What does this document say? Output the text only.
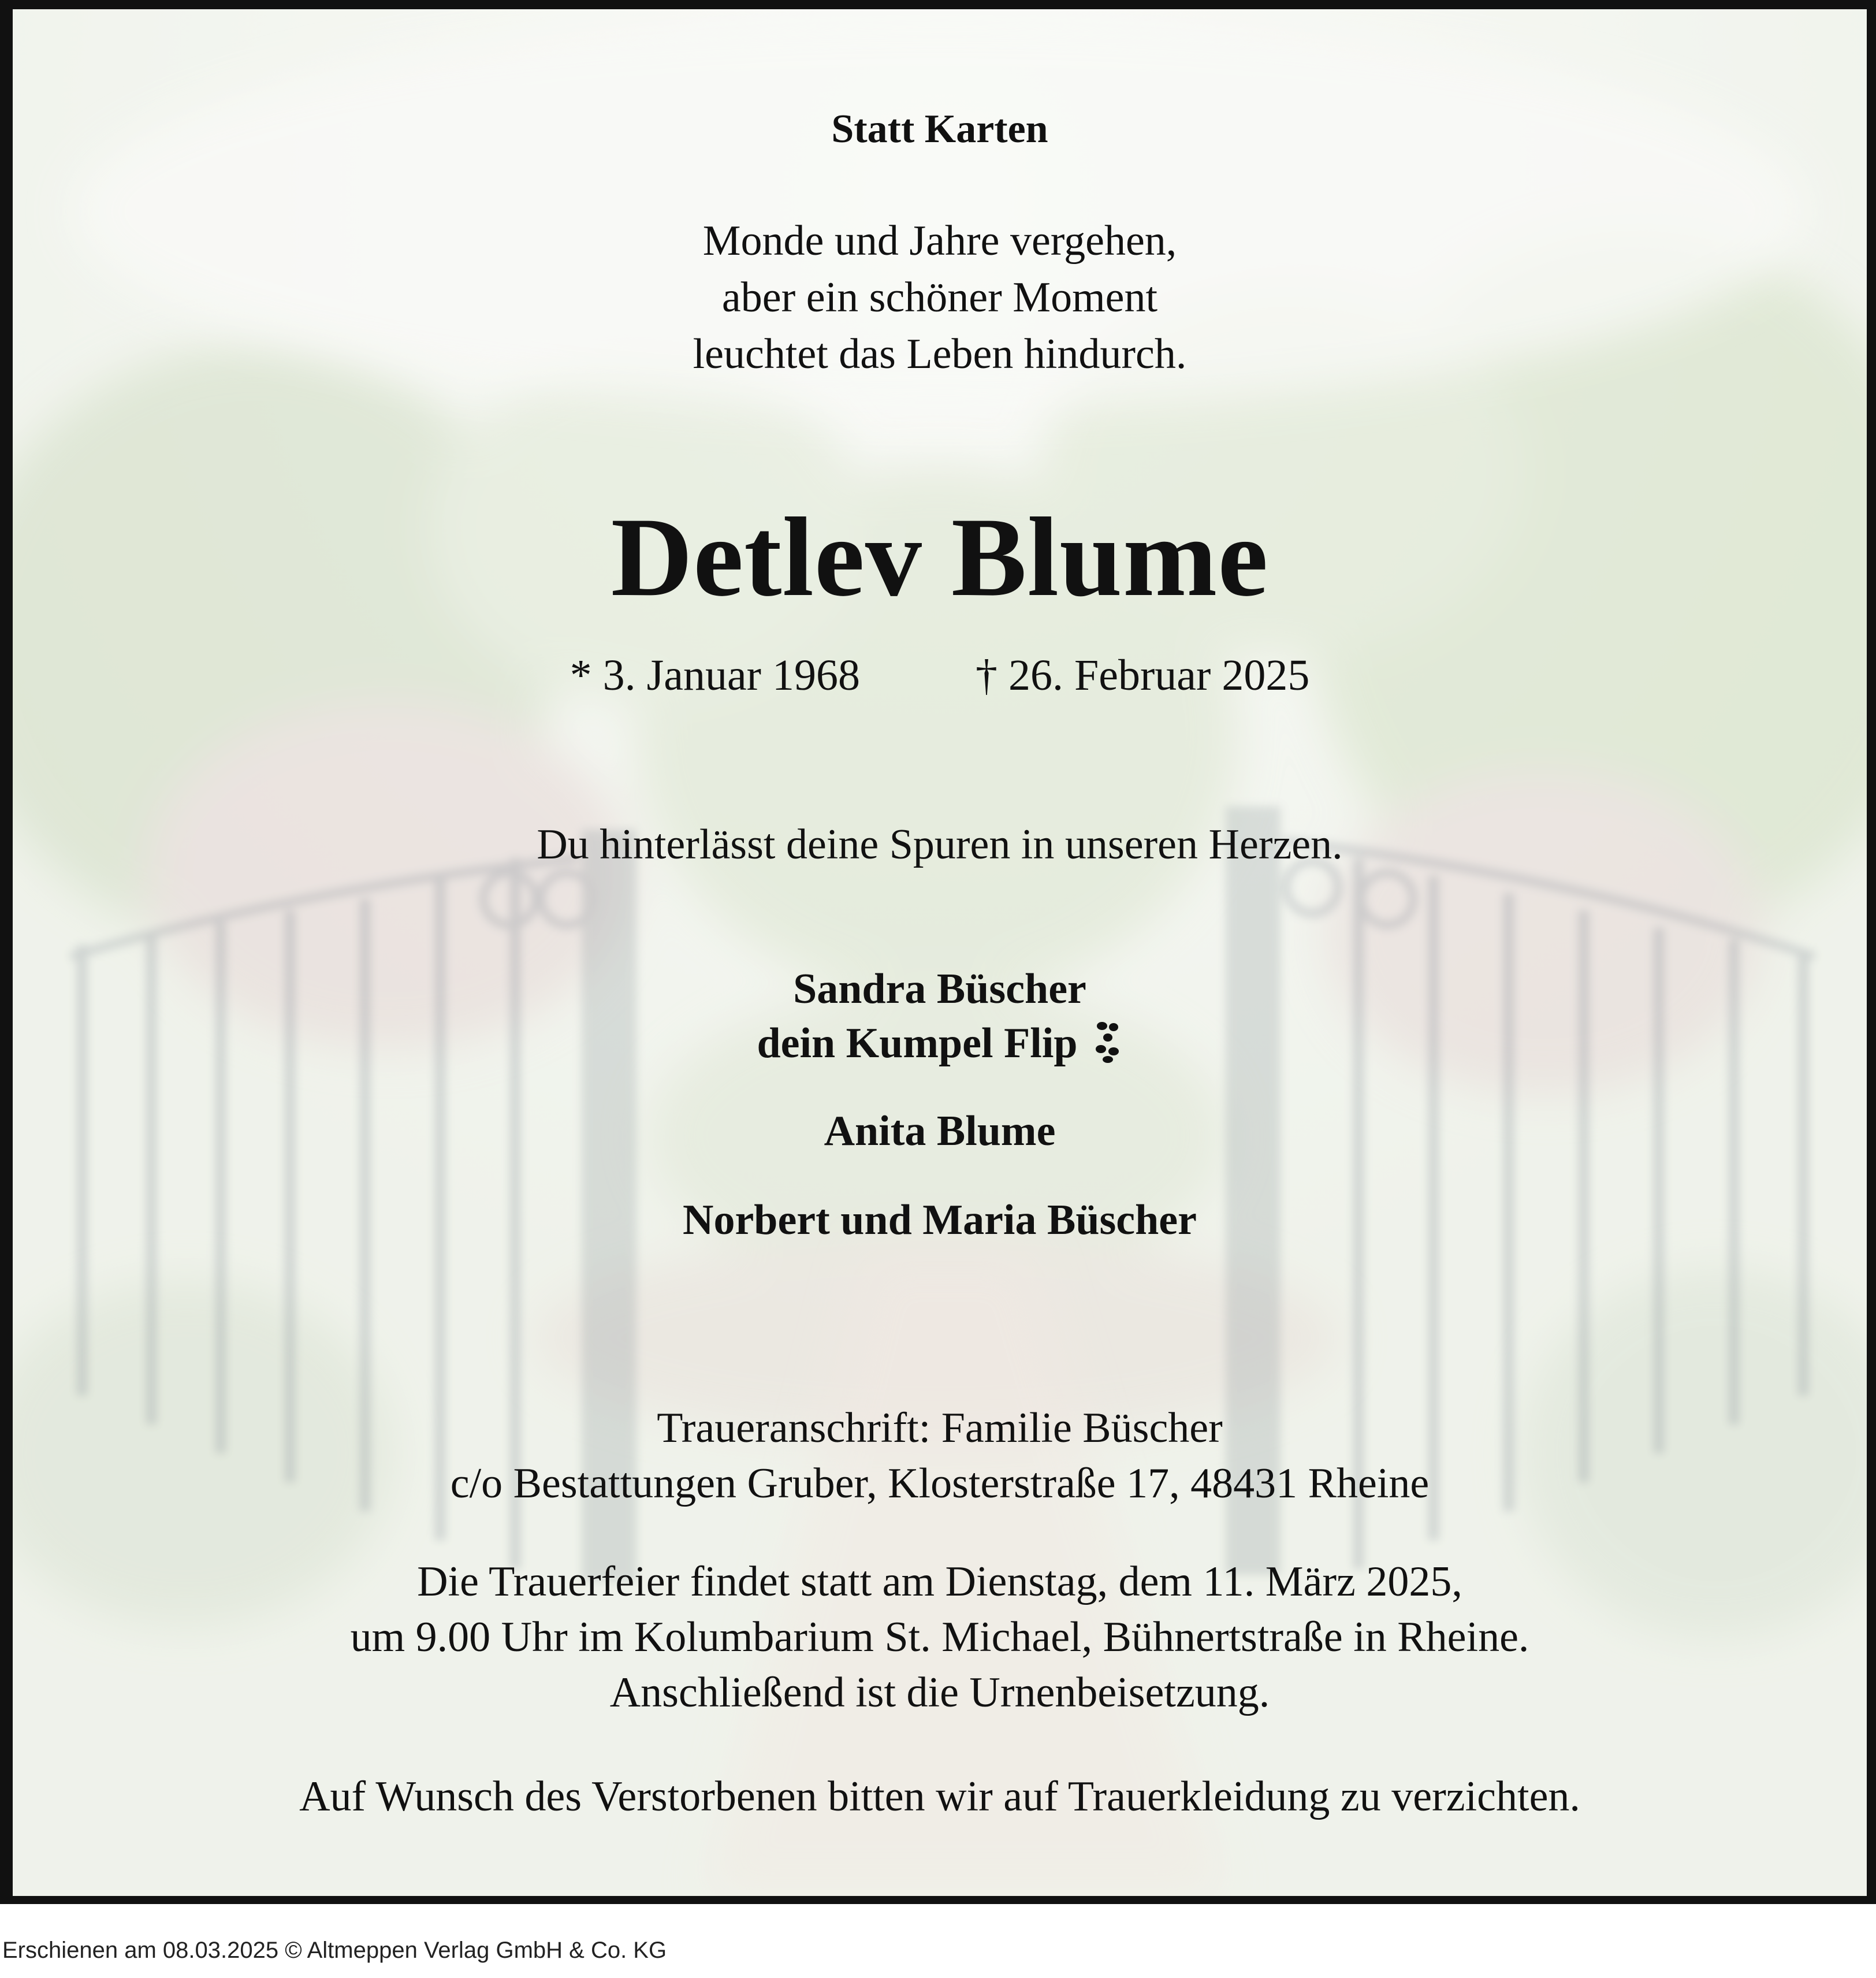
Statt Karten
Monde und Jahre vergehen,
aber ein schöner Moment
leuchtet das Leben hindurch.
Detlev Blume
* 3. Januar 1968	† 26. Februar 2025
Du hinterlässt deine Spuren in unseren Herzen.
Sandra Büscher
dein Kumpel Flip
Anita Blume
Norbert und Maria Büscher
Traueranschrift: Familie Büscher
c/o Bestattungen Gruber, Klosterstraße 17, 48431 Rheine
Die Trauerfeier findet statt am Dienstag, dem 11. März 2025,
um 9.00 Uhr im Kolumbarium St. Michael, Bühnertstraße in Rheine.
Anschließend ist die Urnenbeisetzung.
Auf Wunsch des Verstorbenen bitten wir auf Trauerkleidung zu verzichten.
Erschienen am 08.03.2025 © Altmeppen Verlag GmbH & Co. KG
